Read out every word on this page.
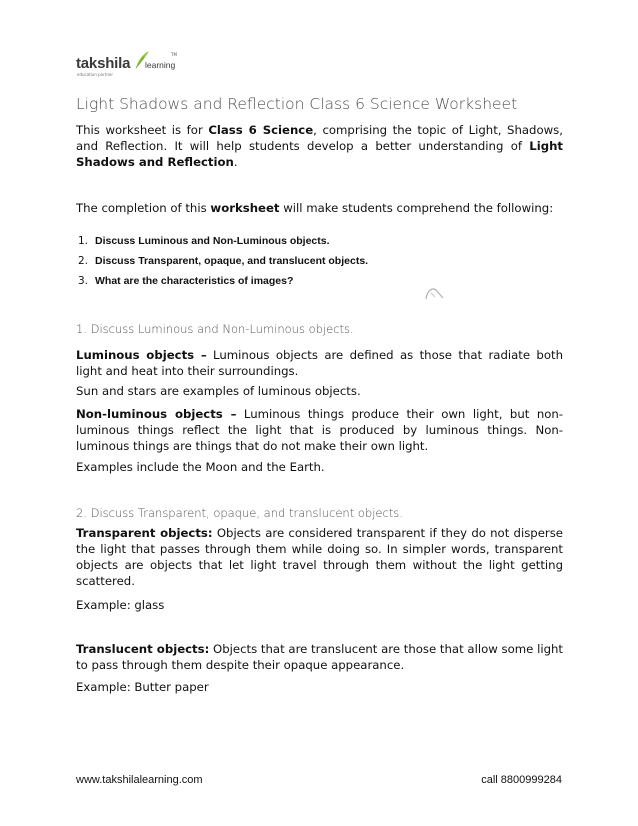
takshila learning
TM
education partner
Light Shadows and Reflection Class 6 Science Worksheet
This worksheet is for Class 6 Science, comprising the topic of Light, Shadows, and Reflection. It will help students develop a better understanding of Light Shadows and Reflection.
The completion of this worksheet will make students comprehend the following:
1. Discuss Luminous and Non-Luminous objects.
2. Discuss Transparent, opaque, and translucent objects.
3. What are the characteristics of images?
1. Discuss Luminous and Non-Luminous objects.
Luminous objects – Luminous objects are defined as those that radiate both light and heat into their surroundings.
Sun and stars are examples of luminous objects.
Non-luminous objects – Luminous things produce their own light, but non-luminous things reflect the light that is produced by luminous things. Non-luminous things are things that do not make their own light.
Examples include the Moon and the Earth.
2. Discuss Transparent, opaque, and translucent objects.
Transparent objects: Objects are considered transparent if they do not disperse the light that passes through them while doing so. In simpler words, transparent objects are objects that let light travel through them without the light getting scattered.
Example: glass
Translucent objects: Objects that are translucent are those that allow some light to pass through them despite their opaque appearance.
Example: Butter paper
www.takshilalearning.com	call 8800999284
